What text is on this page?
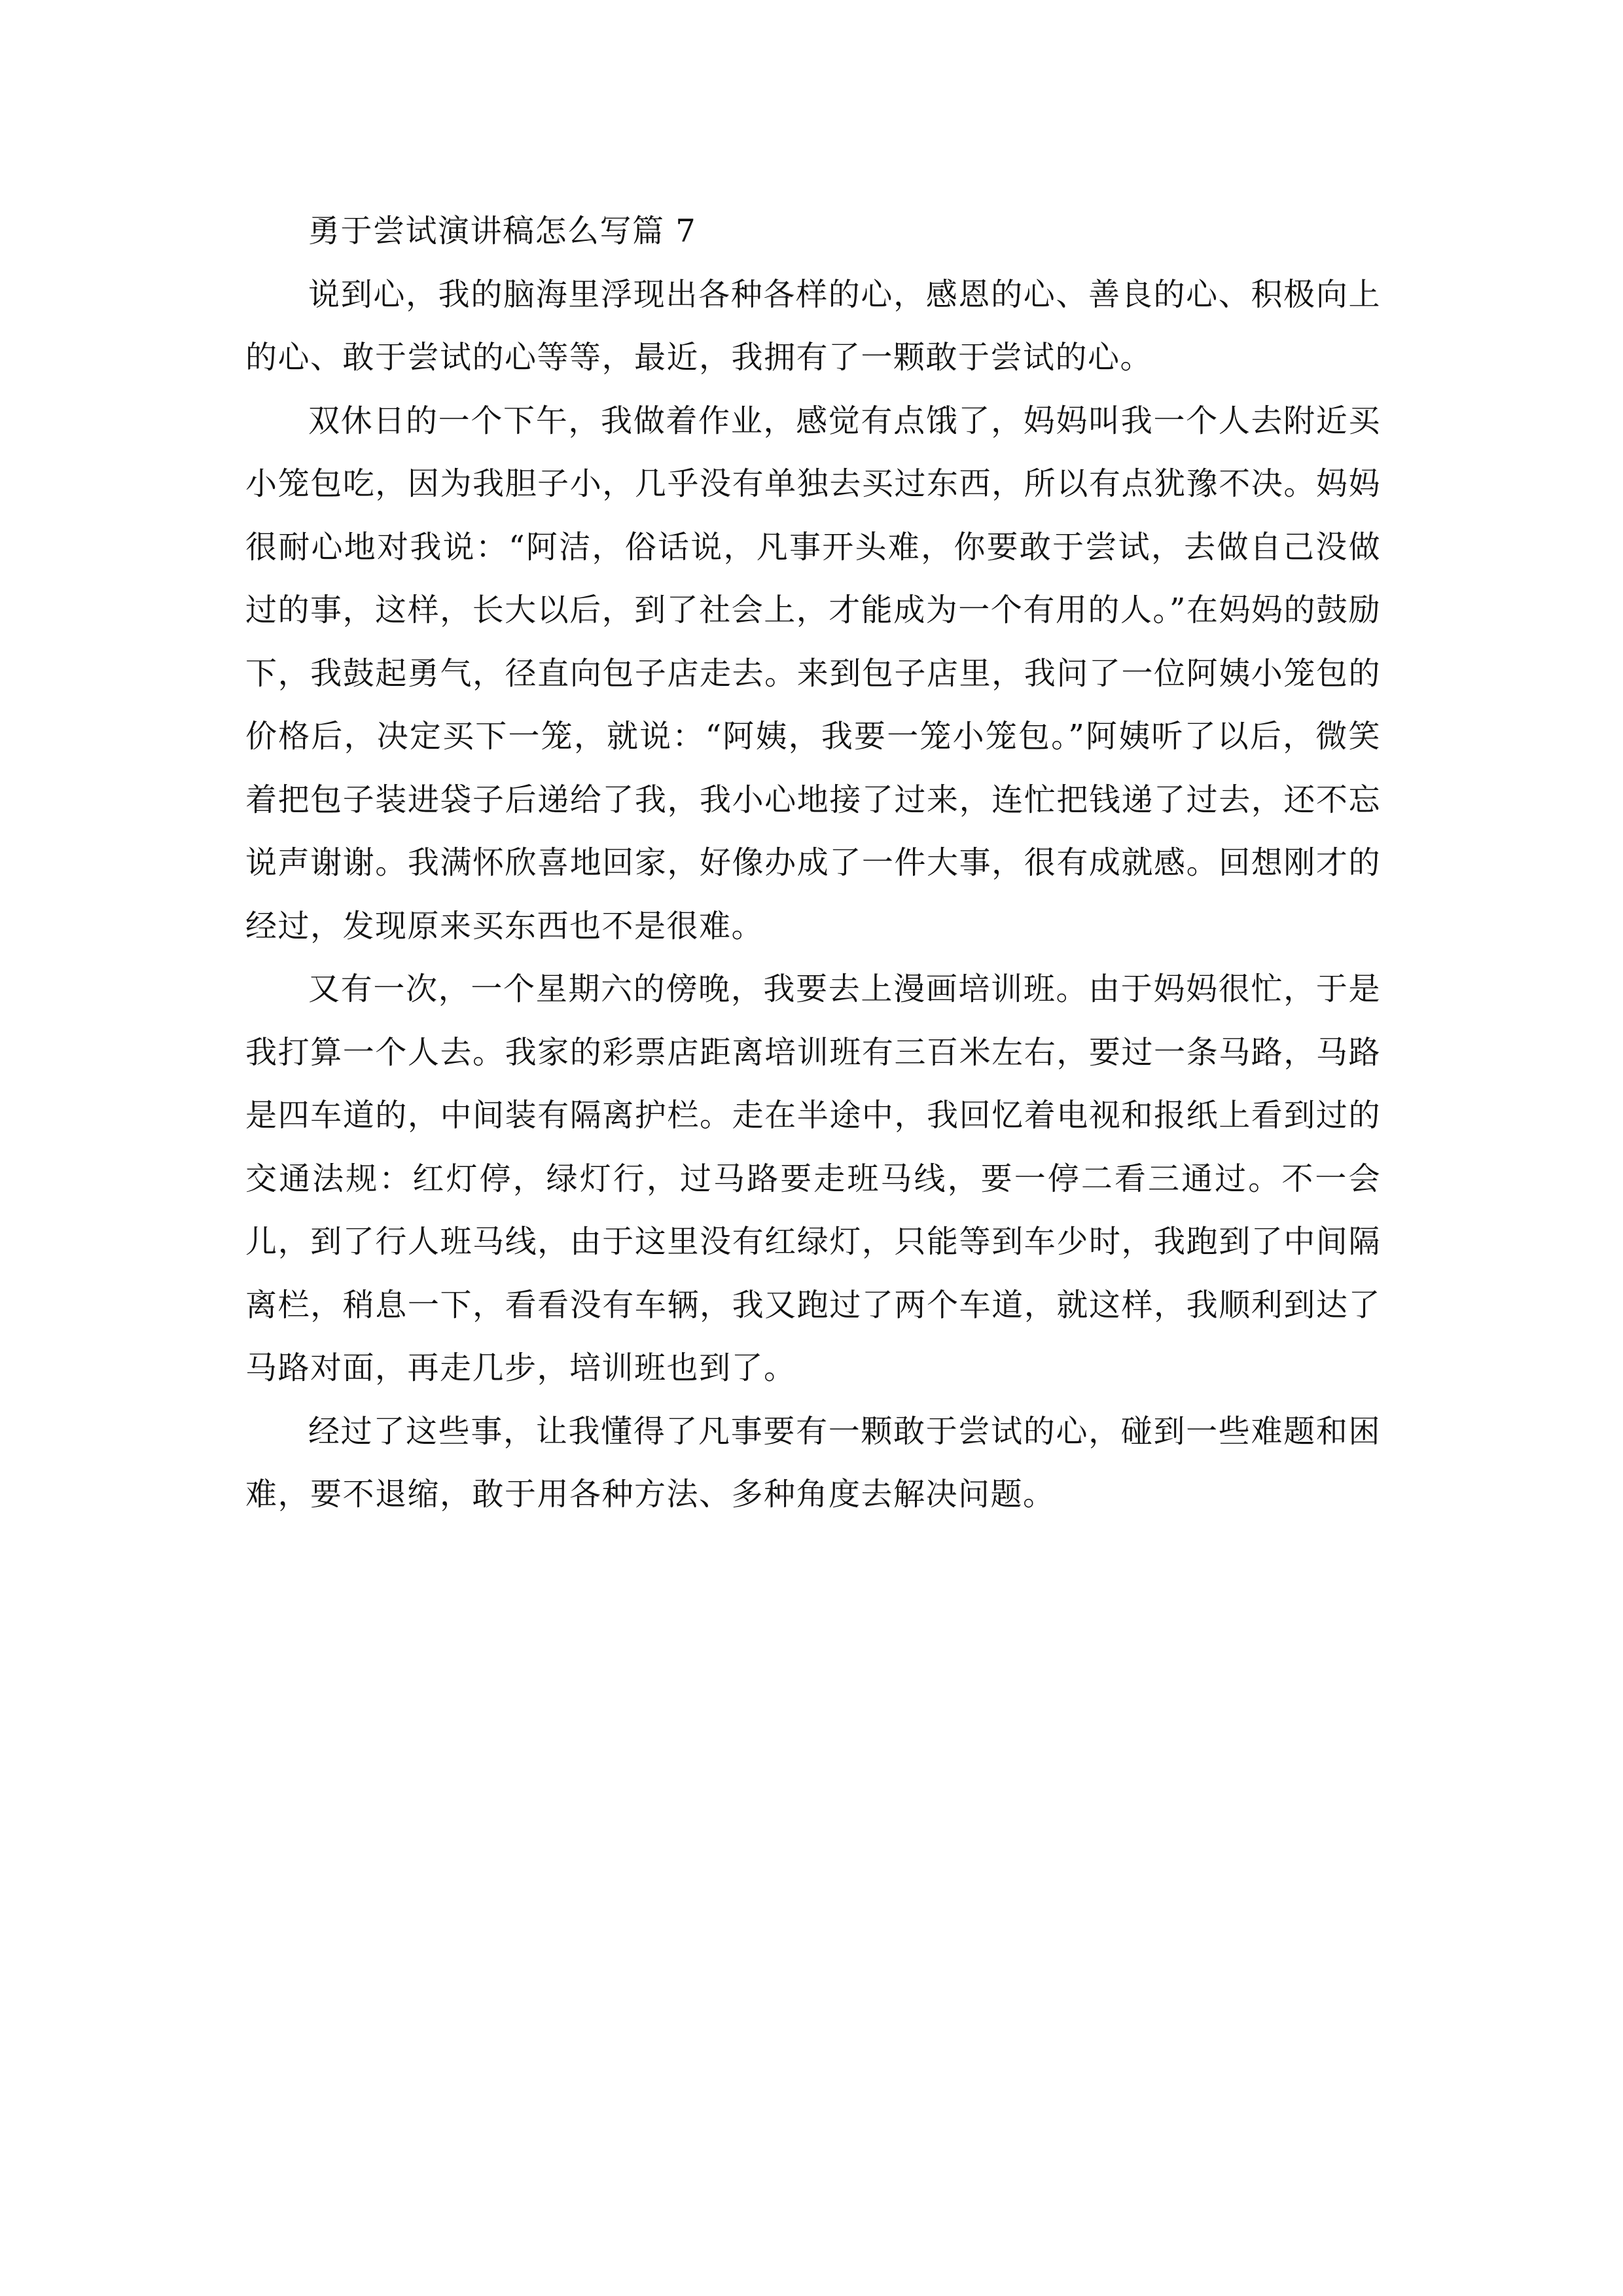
勇于尝试演讲稿怎么写篇 7

说到心，我的脑海里浮现出各种各样的心，感恩的心、善良的心、积极向上的心、敢于尝试的心等等，最近，我拥有了一颗敢于尝试的心。

双休日的一个下午，我做着作业，感觉有点饿了，妈妈叫我一个人去附近买小笼包吃，因为我胆子小，几乎没有单独去买过东西，所以有点犹豫不决。妈妈很耐心地对我说：“阿洁，俗话说，凡事开头难，你要敢于尝试，去做自己没做过的事，这样，长大以后，到了社会上，才能成为一个有用的人。”在妈妈的鼓励下，我鼓起勇气，径直向包子店走去。来到包子店里，我问了一位阿姨小笼包的价格后，决定买下一笼，就说：“阿姨，我要一笼小笼包。”阿姨听了以后，微笑着把包子装进袋子后递给了我，我小心地接了过来，连忙把钱递了过去，还不忘说声谢谢。我满怀欣喜地回家，好像办成了一件大事，很有成就感。回想刚才的经过，发现原来买东西也不是很难。

又有一次，一个星期六的傍晚，我要去上漫画培训班。由于妈妈很忙，于是我打算一个人去。我家的彩票店距离培训班有三百米左右，要过一条马路，马路是四车道的，中间装有隔离护栏。走在半途中，我回忆着电视和报纸上看到过的交通法规：红灯停，绿灯行，过马路要走班马线，要一停二看三通过。不一会儿，到了行人班马线，由于这里没有红绿灯，只能等到车少时，我跑到了中间隔离栏，稍息一下，看看没有车辆，我又跑过了两个车道，就这样，我顺利到达了马路对面，再走几步，培训班也到了。

经过了这些事，让我懂得了凡事要有一颗敢于尝试的心，碰到一些难题和困难，要不退缩，敢于用各种方法、多种角度去解决问题。
